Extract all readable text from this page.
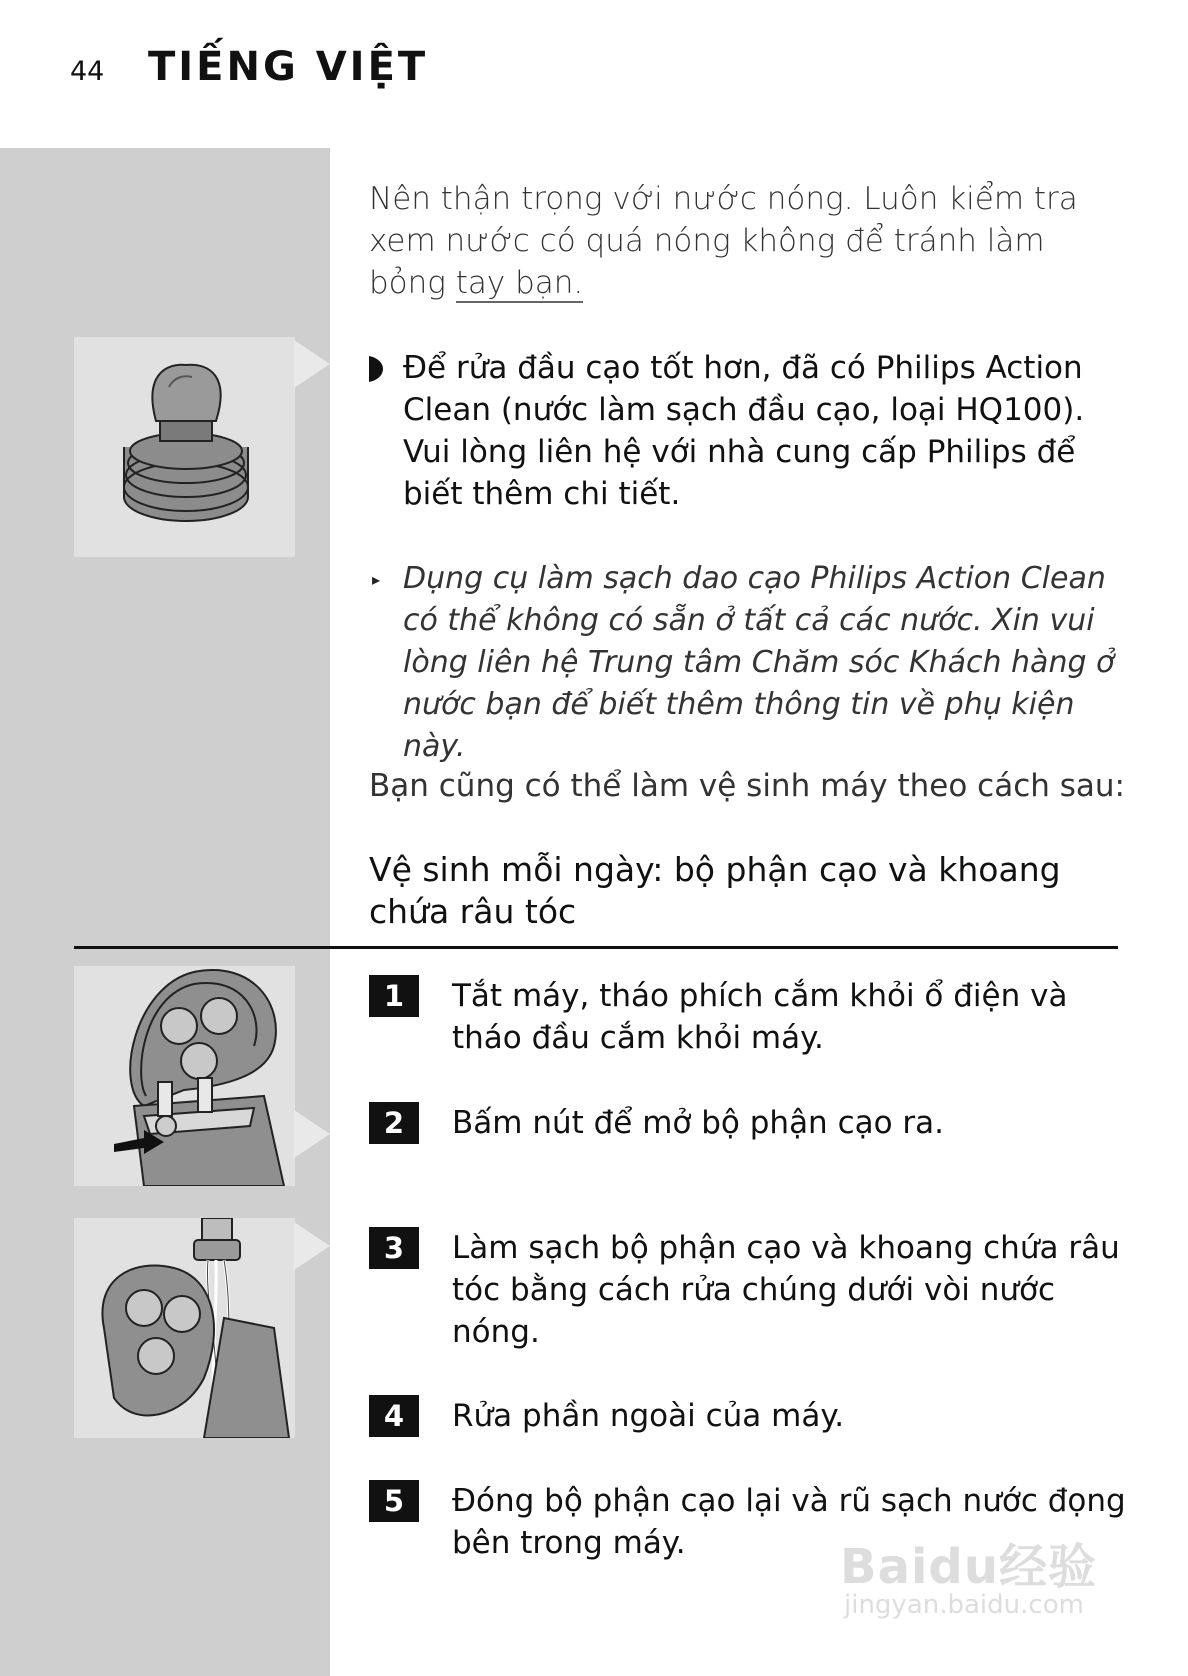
44 TIẾNG VIỆT
Nên thận trọng với nước nóng. Luôn kiểm tra xem nước có quá nóng không để tránh làm bỏng tay bạn.
Để rửa đầu cạo tốt hơn, đã có Philips Action Clean (nước làm sạch đầu cạo, loại HQ100). Vui lòng liên hệ với nhà cung cấp Philips để biết thêm chi tiết.
▸ Dụng cụ làm sạch dao cạo Philips Action Clean có thể không có sẵn ở tất cả các nước. Xin vui lòng liên hệ Trung tâm Chăm sóc Khách hàng ở nước bạn để biết thêm thông tin về phụ kiện này.
Bạn cũng có thể làm vệ sinh máy theo cách sau:
Vệ sinh mỗi ngày: bộ phận cạo và khoang chứa râu tóc
1	Tắt máy, tháo phích cắm khỏi ổ điện và tháo đầu cắm khỏi máy.
2	Bấm nút để mở bộ phận cạo ra.
3	Làm sạch bộ phận cạo và khoang chứa râu tóc bằng cách rửa chúng dưới vòi nước nóng.
4	Rửa phần ngoài của máy.
5	Đóng bộ phận cạo lại và rũ sạch nước đọng bên trong máy.	Baidu经验
jingyan.baidu.com
